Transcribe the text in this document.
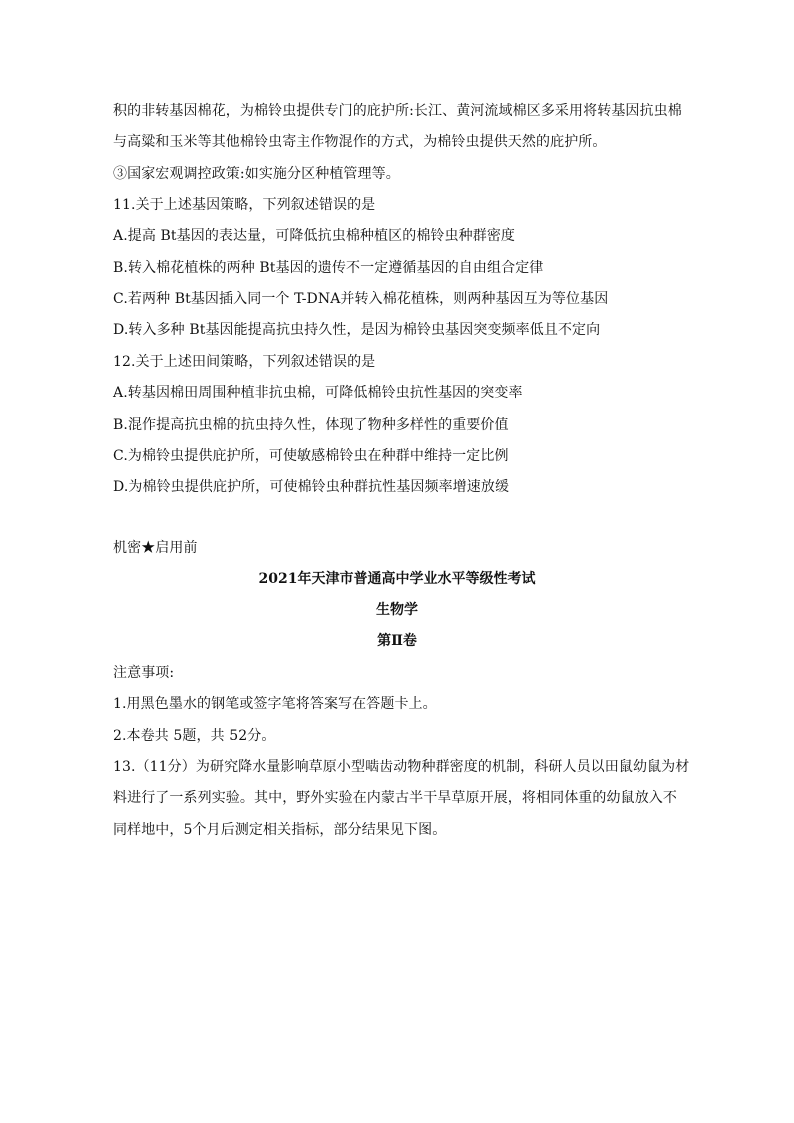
积的非转基因棉花，为棉铃虫提供专门的庇护所:长江、黄河流域棉区多采用将转基因抗虫棉
与高粱和玉米等其他棉铃虫寄主作物混作的方式，为棉铃虫提供天然的庇护所。
③国家宏观调控政策:如实施分区种植管理等。
11.关于上述基因策略，下列叙述错误的是
A.提高 Bt基因的表达量，可降低抗虫棉种植区的棉铃虫种群密度
B.转入棉花植株的两种 Bt基因的遗传不一定遵循基因的自由组合定律
C.若两种 Bt基因插入同一个 T-DNA并转入棉花植株，则两种基因互为等位基因
D.转入多种 Bt基因能提高抗虫持久性，是因为棉铃虫基因突变频率低且不定向
12.关于上述田间策略，下列叙述错误的是
A.转基因棉田周围种植非抗虫棉，可降低棉铃虫抗性基因的突变率
B.混作提高抗虫棉的抗虫持久性，体现了物种多样性的重要价值
C.为棉铃虫提供庇护所，可使敏感棉铃虫在种群中维持一定比例
D.为棉铃虫提供庇护所，可使棉铃虫种群抗性基因频率增速放缓
机密★启用前
2021年天津市普通高中学业水平等级性考试
生物学
第Ⅱ卷
注意事项:
1.用黑色墨水的钢笔或签字笔将答案写在答题卡上。
2.本卷共 5题，共 52分。
13.（11分）为研究降水量影响草原小型啮齿动物种群密度的机制，科研人员以田鼠幼鼠为材
料进行了一系列实验。其中，野外实验在内蒙古半干旱草原开展，将相同体重的幼鼠放入不
同样地中，5个月后测定相关指标，部分结果见下图。
